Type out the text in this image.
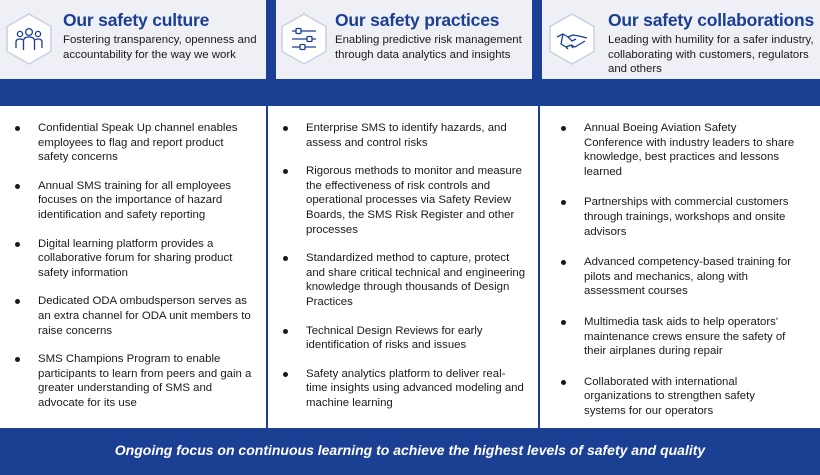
Our safety culture
Fostering transparency, openness and accountability for the way we work
Our safety practices
Enabling predictive risk management through data analytics and insights
Our safety collaborations
Leading with humility for a safer industry, collaborating with customers, regulators and others
Confidential Speak Up channel enables employees to flag and report product safety concerns
Annual SMS training for all employees focuses on the importance of hazard identification and safety reporting
Digital learning platform provides a collaborative forum for sharing product safety information
Dedicated ODA ombudsperson serves as an extra channel for ODA unit members to raise concerns
SMS Champions Program to enable participants to learn from peers and gain a greater understanding of SMS and advocate for its use
Enterprise SMS to identify hazards, and assess and control risks
Rigorous methods to monitor and measure the effectiveness of risk controls and operational processes via Safety Review Boards, the SMS Risk Register and other processes
Standardized method to capture, protect and share critical technical and engineering knowledge through thousands of Design Practices
Technical Design Reviews for early identification of risks and issues
Safety analytics platform to deliver real-time insights using advanced modeling and machine learning
Annual Boeing Aviation Safety Conference with industry leaders to share knowledge, best practices and lessons learned
Partnerships with commercial customers through trainings, workshops and onsite advisors
Advanced competency-based training for pilots and mechanics, along with assessment courses
Multimedia task aids to help operators' maintenance crews ensure the safety of their airplanes during repair
Collaborated with international organizations to strengthen safety systems for our operators
Ongoing focus on continuous learning to achieve the highest levels of safety and quality
